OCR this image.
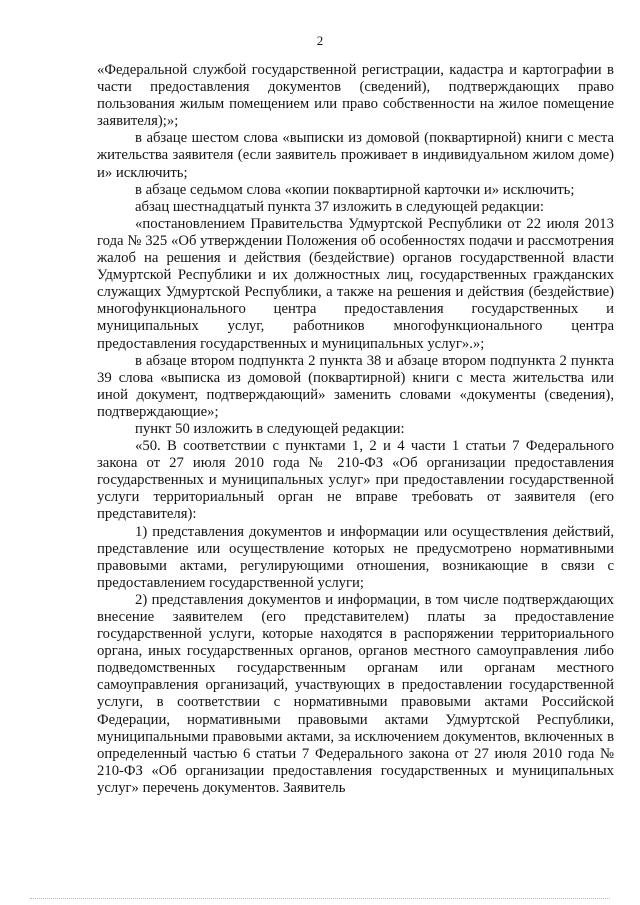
2

«Федеральной службой государственной регистрации, кадастра и картографии в части предоставления документов (сведений), подтверждающих право пользования жилым помещением или право собственности на жилое помещение заявителя);»;

в абзаце шестом слова «выписки из домовой (поквартирной) книги с места жительства заявителя (если заявитель проживает в индивидуальном жилом доме) и» исключить;

в абзаце седьмом слова «копии поквартирной карточки и» исключить;

абзац шестнадцатый пункта 37 изложить в следующей редакции:

«постановлением Правительства Удмуртской Республики от 22 июля 2013 года № 325 «Об утверждении Положения об особенностях подачи и рассмотрения жалоб на решения и действия (бездействие) органов государственной власти Удмуртской Республики и их должностных лиц, государственных гражданских служащих Удмуртской Республики, а также на решения и действия (бездействие) многофункционального центра предоставления государственных и муниципальных услуг, работников многофункционального центра предоставления государственных и муниципальных услуг».»;

в абзаце втором подпункта 2 пункта 38 и абзаце втором подпункта 2 пункта 39 слова «выписка из домовой (поквартирной) книги с места жительства или иной документ, подтверждающий» заменить словами «документы (сведения), подтверждающие»;

пункт 50 изложить в следующей редакции:

«50. В соответствии с пунктами 1, 2 и 4 части 1 статьи 7 Федерального закона от 27 июля 2010 года № 210-ФЗ «Об организации предоставления государственных и муниципальных услуг» при предоставлении государственной услуги территориальный орган не вправе требовать от заявителя (его представителя):

1) представления документов и информации или осуществления действий, представление или осуществление которых не предусмотрено нормативными правовыми актами, регулирующими отношения, возникающие в связи с предоставлением государственной услуги;

2) представления документов и информации, в том числе подтверждающих внесение заявителем (его представителем) платы за предоставление государственной услуги, которые находятся в распоряжении территориального органа, иных государственных органов, органов местного самоуправления либо подведомственных государственным органам или органам местного самоуправления организаций, участвующих в предоставлении государственной услуги, в соответствии с нормативными правовыми актами Российской Федерации, нормативными правовыми актами Удмуртской Республики, муниципальными правовыми актами, за исключением документов, включенных в определенный частью 6 статьи 7 Федерального закона от 27 июля 2010 года № 210-ФЗ «Об организации предоставления государственных и муниципальных услуг» перечень документов. Заявитель
